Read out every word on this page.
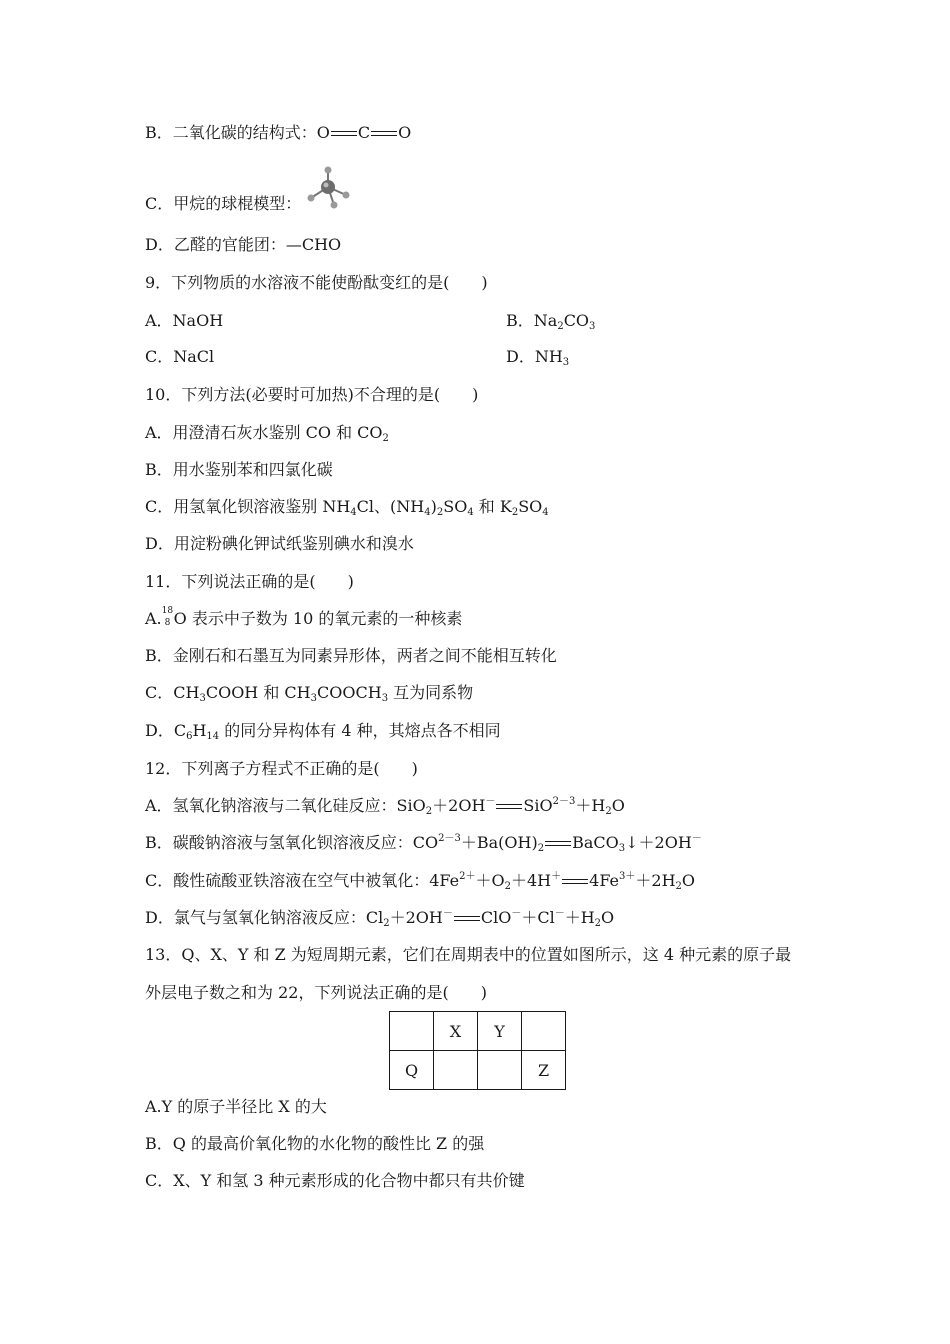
B．二氧化碳的结构式：O C O
C．甲烷的球棍模型：
D．乙醛的官能团：—CHO
9．下列物质的水溶液不能使酚酞变红的是(　　)
A．NaOH	B．$Na_2CO_3$
C．NaCl	D．$NH_3$
10．下列方法(必要时可加热)不合理的是(　　)
A．用澄清石灰水鉴别 CO 和 $CO_2$
B．用水鉴别苯和四氯化碳
C．用氢氧化钡溶液鉴别 $NH_4Cl$、$(NH_4)_2SO_4$ 和 $K_2SO_4$
D．用淀粉碘化钾试纸鉴别碘水和溴水
11．下列说法正确的是(　　)
A. 18
8 O 表示中子数为 10 的氧元素的一种核素
B．金刚石和石墨互为同素异形体，两者之间不能相互转化
C．$CH_3COOH$ 和 $CH_3COOCH_3$ 互为同系物
D．$C_6H_{14}$ 的同分异构体有 4 种，其熔点各不相同
12．下列离子方程式不正确的是(　　)
A．氢氧化钠溶液与二氧化硅反应：SiO$_2$＋2OH－ $SiO^{2-3}+H_2O$
B．碳酸钠溶液与氢氧化钡溶液反应：$CO^{2-3}+Ba(OH)_2$ BaCO$_3$↓＋2OH－
C．酸性硫酸亚铁溶液在空气中被氧化：$4Fe^{2+}+O_2+4H^+$ $4Fe^{3+}+2H_2O$
D．氯气与氢氧化钠溶液反应：$Cl_2+2OH^-$ $ClO^-+Cl^-+H_2O$
13．Q、X、Y 和 Z 为短周期元素，它们在周期表中的位置如图所示，这 4 种元素的原子最
外层电子数之和为 22，下列说法正确的是(　　)
	X	Y	
Q			Z
A.Y 的原子半径比 X 的大
B．Q 的最高价氧化物的水化物的酸性比 Z 的强
C．X、Y 和氢 3 种元素形成的化合物中都只有共价键
